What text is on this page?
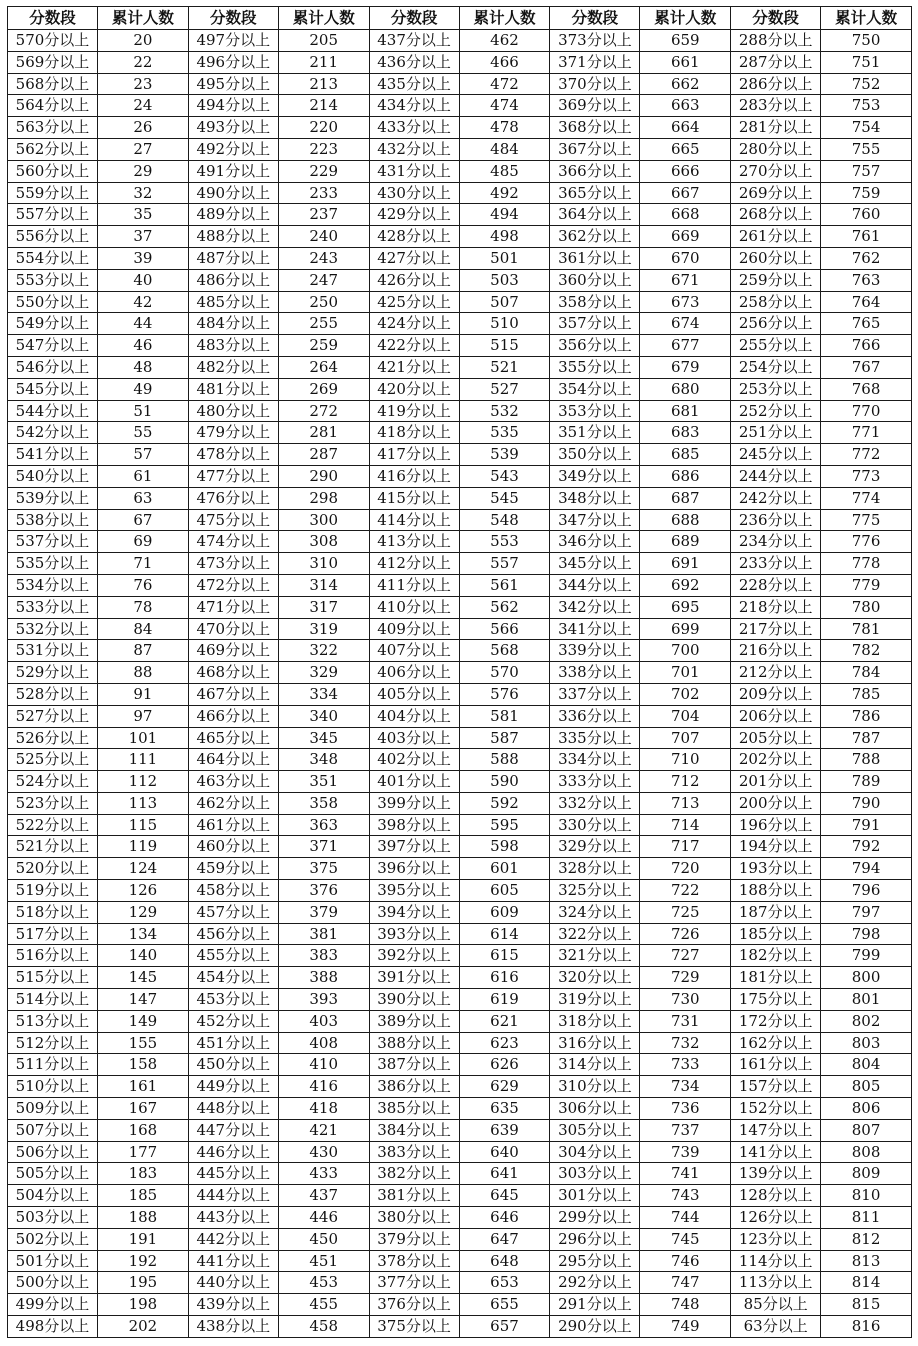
分数段	累计人数	分数段	累计人数	分数段	累计人数	分数段	累计人数	分数段	累计人数
570分以上	20	497分以上	205	437分以上	462	373分以上	659	288分以上	750
569分以上	22	496分以上	211	436分以上	466	371分以上	661	287分以上	751
568分以上	23	495分以上	213	435分以上	472	370分以上	662	286分以上	752
564分以上	24	494分以上	214	434分以上	474	369分以上	663	283分以上	753
563分以上	26	493分以上	220	433分以上	478	368分以上	664	281分以上	754
562分以上	27	492分以上	223	432分以上	484	367分以上	665	280分以上	755
560分以上	29	491分以上	229	431分以上	485	366分以上	666	270分以上	757
559分以上	32	490分以上	233	430分以上	492	365分以上	667	269分以上	759
557分以上	35	489分以上	237	429分以上	494	364分以上	668	268分以上	760
556分以上	37	488分以上	240	428分以上	498	362分以上	669	261分以上	761
554分以上	39	487分以上	243	427分以上	501	361分以上	670	260分以上	762
553分以上	40	486分以上	247	426分以上	503	360分以上	671	259分以上	763
550分以上	42	485分以上	250	425分以上	507	358分以上	673	258分以上	764
549分以上	44	484分以上	255	424分以上	510	357分以上	674	256分以上	765
547分以上	46	483分以上	259	422分以上	515	356分以上	677	255分以上	766
546分以上	48	482分以上	264	421分以上	521	355分以上	679	254分以上	767
545分以上	49	481分以上	269	420分以上	527	354分以上	680	253分以上	768
544分以上	51	480分以上	272	419分以上	532	353分以上	681	252分以上	770
542分以上	55	479分以上	281	418分以上	535	351分以上	683	251分以上	771
541分以上	57	478分以上	287	417分以上	539	350分以上	685	245分以上	772
540分以上	61	477分以上	290	416分以上	543	349分以上	686	244分以上	773
539分以上	63	476分以上	298	415分以上	545	348分以上	687	242分以上	774
538分以上	67	475分以上	300	414分以上	548	347分以上	688	236分以上	775
537分以上	69	474分以上	308	413分以上	553	346分以上	689	234分以上	776
535分以上	71	473分以上	310	412分以上	557	345分以上	691	233分以上	778
534分以上	76	472分以上	314	411分以上	561	344分以上	692	228分以上	779
533分以上	78	471分以上	317	410分以上	562	342分以上	695	218分以上	780
532分以上	84	470分以上	319	409分以上	566	341分以上	699	217分以上	781
531分以上	87	469分以上	322	407分以上	568	339分以上	700	216分以上	782
529分以上	88	468分以上	329	406分以上	570	338分以上	701	212分以上	784
528分以上	91	467分以上	334	405分以上	576	337分以上	702	209分以上	785
527分以上	97	466分以上	340	404分以上	581	336分以上	704	206分以上	786
526分以上	101	465分以上	345	403分以上	587	335分以上	707	205分以上	787
525分以上	111	464分以上	348	402分以上	588	334分以上	710	202分以上	788
524分以上	112	463分以上	351	401分以上	590	333分以上	712	201分以上	789
523分以上	113	462分以上	358	399分以上	592	332分以上	713	200分以上	790
522分以上	115	461分以上	363	398分以上	595	330分以上	714	196分以上	791
521分以上	119	460分以上	371	397分以上	598	329分以上	717	194分以上	792
520分以上	124	459分以上	375	396分以上	601	328分以上	720	193分以上	794
519分以上	126	458分以上	376	395分以上	605	325分以上	722	188分以上	796
518分以上	129	457分以上	379	394分以上	609	324分以上	725	187分以上	797
517分以上	134	456分以上	381	393分以上	614	322分以上	726	185分以上	798
516分以上	140	455分以上	383	392分以上	615	321分以上	727	182分以上	799
515分以上	145	454分以上	388	391分以上	616	320分以上	729	181分以上	800
514分以上	147	453分以上	393	390分以上	619	319分以上	730	175分以上	801
513分以上	149	452分以上	403	389分以上	621	318分以上	731	172分以上	802
512分以上	155	451分以上	408	388分以上	623	316分以上	732	162分以上	803
511分以上	158	450分以上	410	387分以上	626	314分以上	733	161分以上	804
510分以上	161	449分以上	416	386分以上	629	310分以上	734	157分以上	805
509分以上	167	448分以上	418	385分以上	635	306分以上	736	152分以上	806
507分以上	168	447分以上	421	384分以上	639	305分以上	737	147分以上	807
506分以上	177	446分以上	430	383分以上	640	304分以上	739	141分以上	808
505分以上	183	445分以上	433	382分以上	641	303分以上	741	139分以上	809
504分以上	185	444分以上	437	381分以上	645	301分以上	743	128分以上	810
503分以上	188	443分以上	446	380分以上	646	299分以上	744	126分以上	811
502分以上	191	442分以上	450	379分以上	647	296分以上	745	123分以上	812
501分以上	192	441分以上	451	378分以上	648	295分以上	746	114分以上	813
500分以上	195	440分以上	453	377分以上	653	292分以上	747	113分以上	814
499分以上	198	439分以上	455	376分以上	655	291分以上	748	85分以上	815
498分以上	202	438分以上	458	375分以上	657	290分以上	749	63分以上	816
